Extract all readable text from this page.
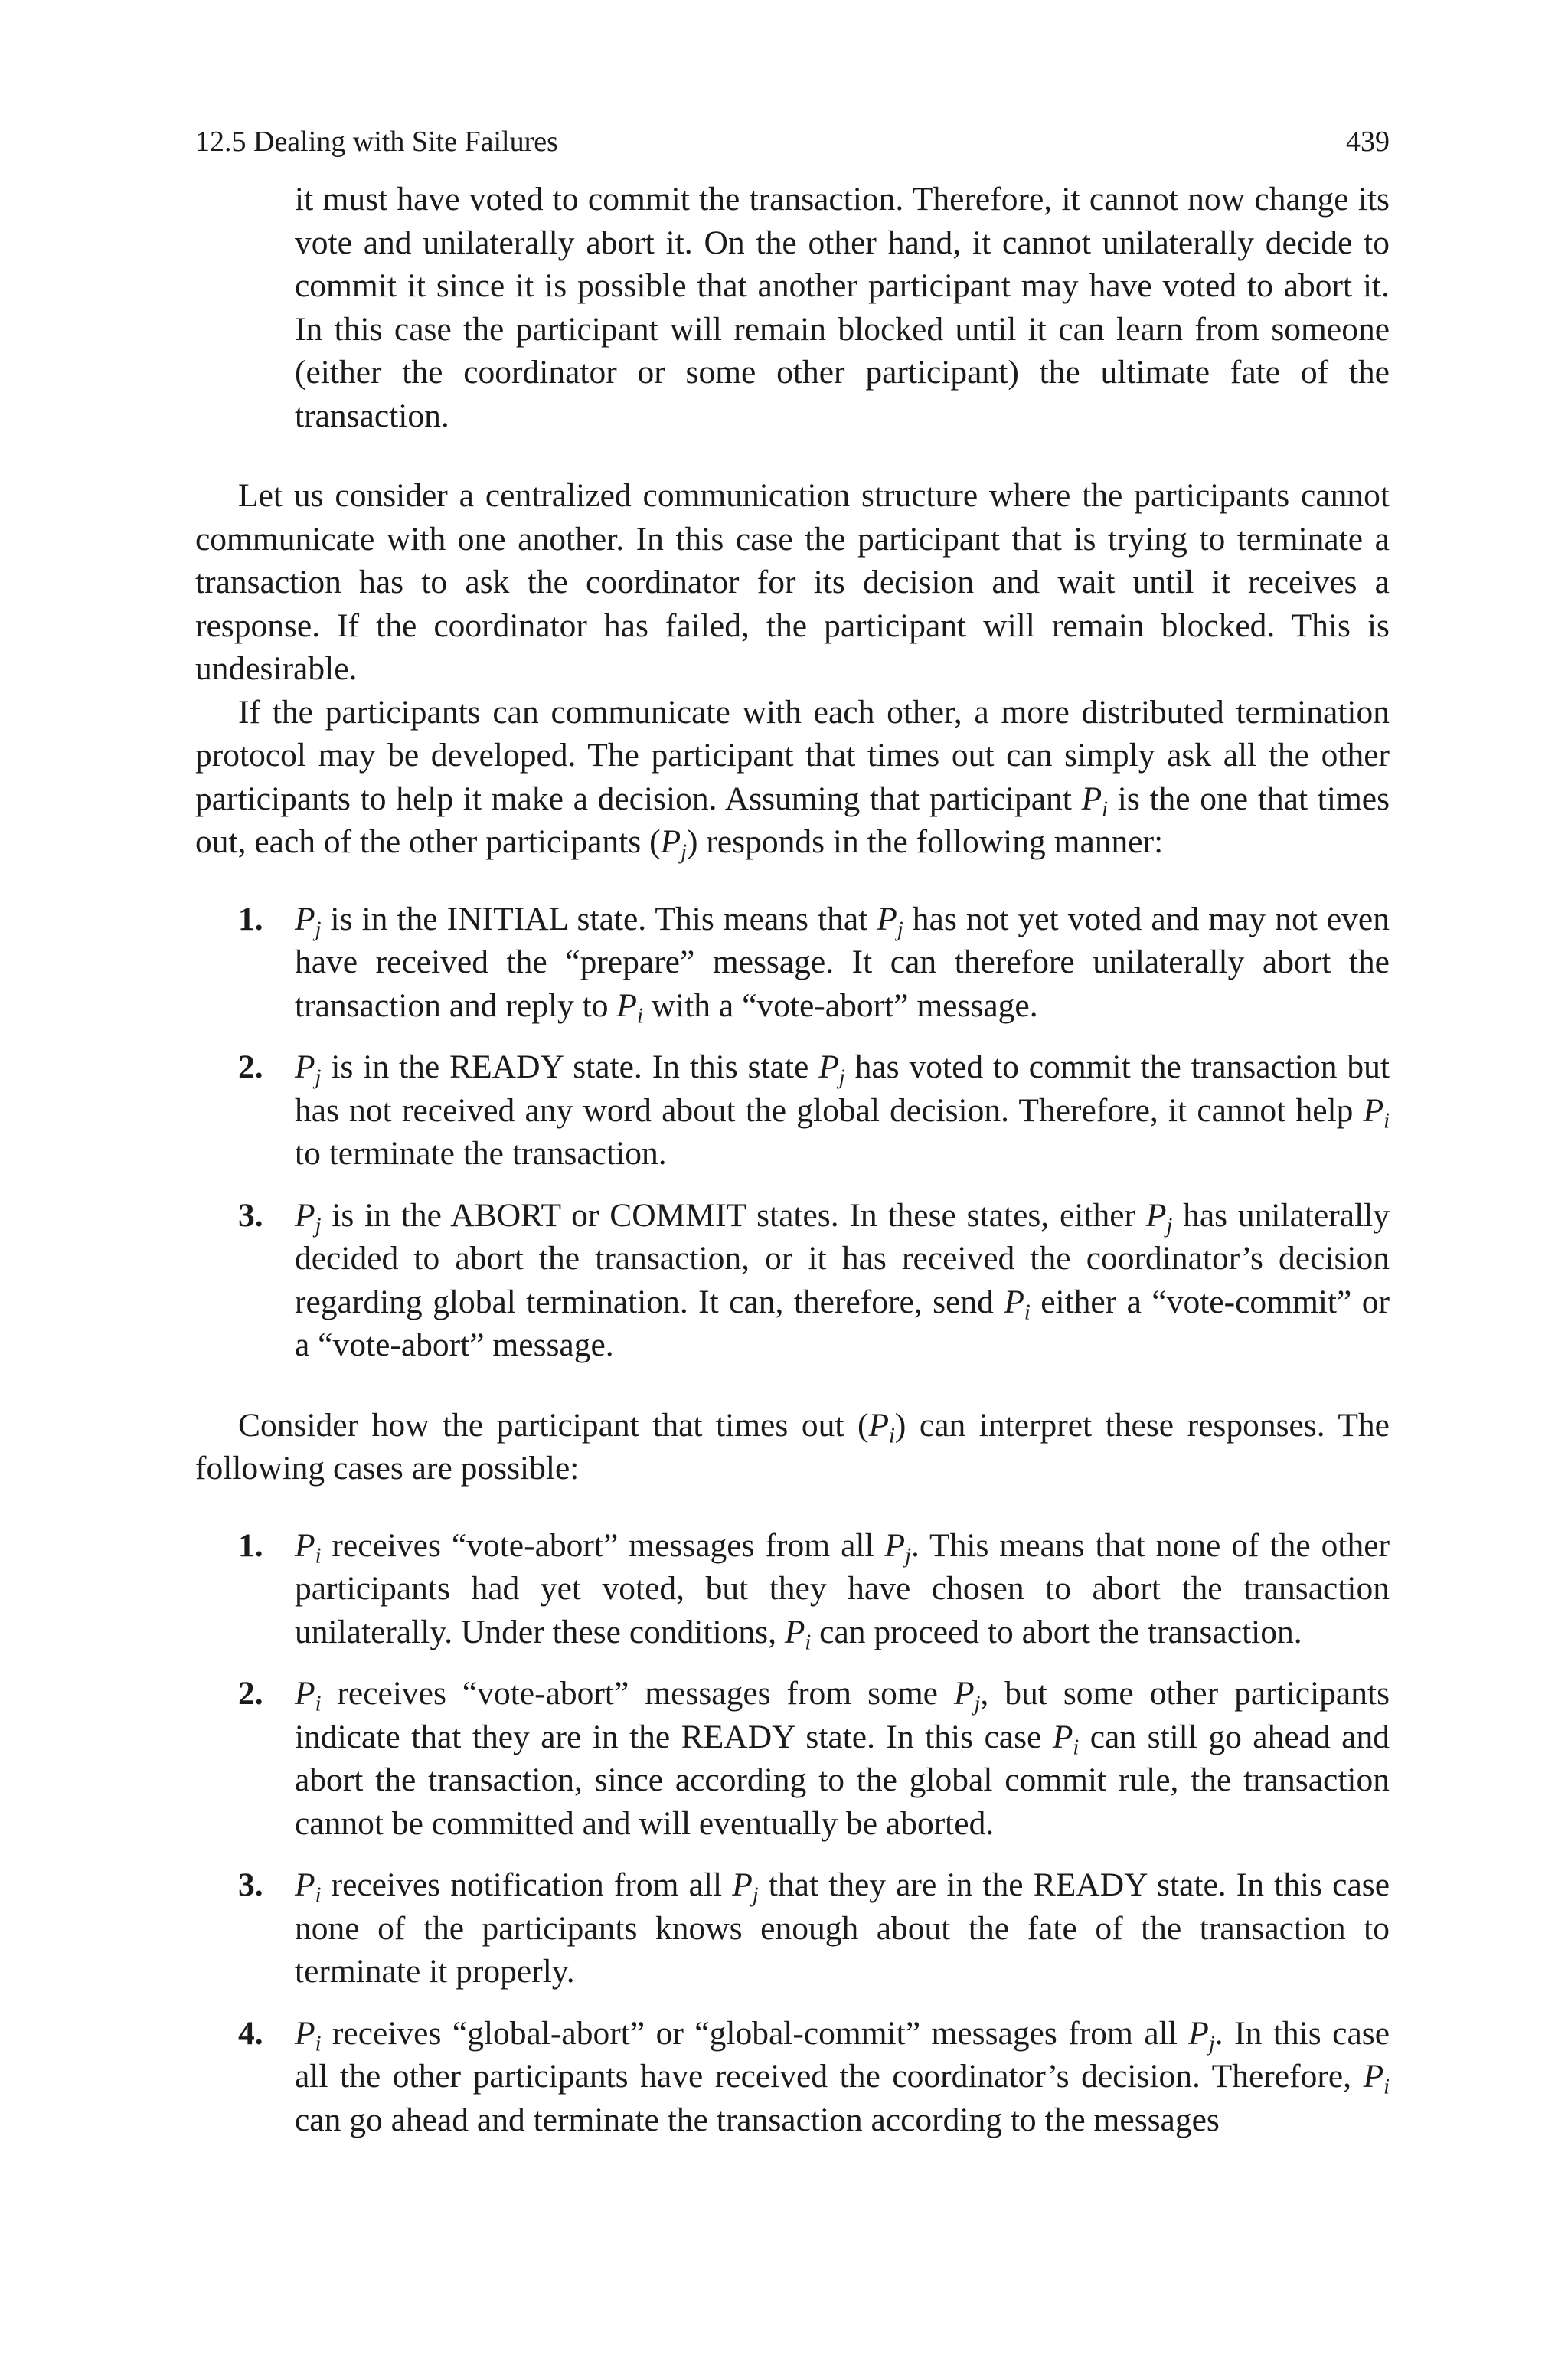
12.5 Dealing with Site Failures	439

it must have voted to commit the transaction. Therefore, it cannot now change its vote and unilaterally abort it. On the other hand, it cannot unilaterally decide to commit it since it is possible that another participant may have voted to abort it. In this case the participant will remain blocked until it can learn from someone (either the coordinator or some other participant) the ultimate fate of the transaction.

Let us consider a centralized communication structure where the participants cannot communicate with one another. In this case the participant that is trying to terminate a transaction has to ask the coordinator for its decision and wait until it receives a response. If the coordinator has failed, the participant will remain blocked. This is undesirable.

If the participants can communicate with each other, a more distributed termination protocol may be developed. The participant that times out can simply ask all the other participants to help it make a decision. Assuming that participant $P_i$ is the one that times out, each of the other participants $(P_j)$ responds in the following manner:

1. $P_j$ is in the INITIAL state. This means that $P_j$ has not yet voted and may not even have received the “prepare” message. It can therefore unilaterally abort the transaction and reply to $P_i$ with a “vote-abort” message.
2. $P_j$ is in the READY state. In this state $P_j$ has voted to commit the transaction but has not received any word about the global decision. Therefore, it cannot help $P_i$ to terminate the transaction.
3. $P_j$ is in the ABORT or COMMIT states. In these states, either $P_j$ has unilaterally decided to abort the transaction, or it has received the coordinator’s decision regarding global termination. It can, therefore, send $P_i$ either a “vote-commit” or a “vote-abort” message.

Consider how the participant that times out $(P_i)$ can interpret these responses. The following cases are possible:

1. $P_i$ receives “vote-abort” messages from all $P_j$. This means that none of the other participants had yet voted, but they have chosen to abort the transaction unilaterally. Under these conditions, $P_i$ can proceed to abort the transaction.
2. $P_i$ receives “vote-abort” messages from some $P_j$, but some other participants indicate that they are in the READY state. In this case $P_i$ can still go ahead and abort the transaction, since according to the global commit rule, the transaction cannot be committed and will eventually be aborted.
3. $P_i$ receives notification from all $P_j$ that they are in the READY state. In this case none of the participants knows enough about the fate of the transaction to terminate it properly.
4. $P_i$ receives “global-abort” or “global-commit” messages from all $P_j$. In this case all the other participants have received the coordinator’s decision. Therefore, $P_i$ can go ahead and terminate the transaction according to the messages
